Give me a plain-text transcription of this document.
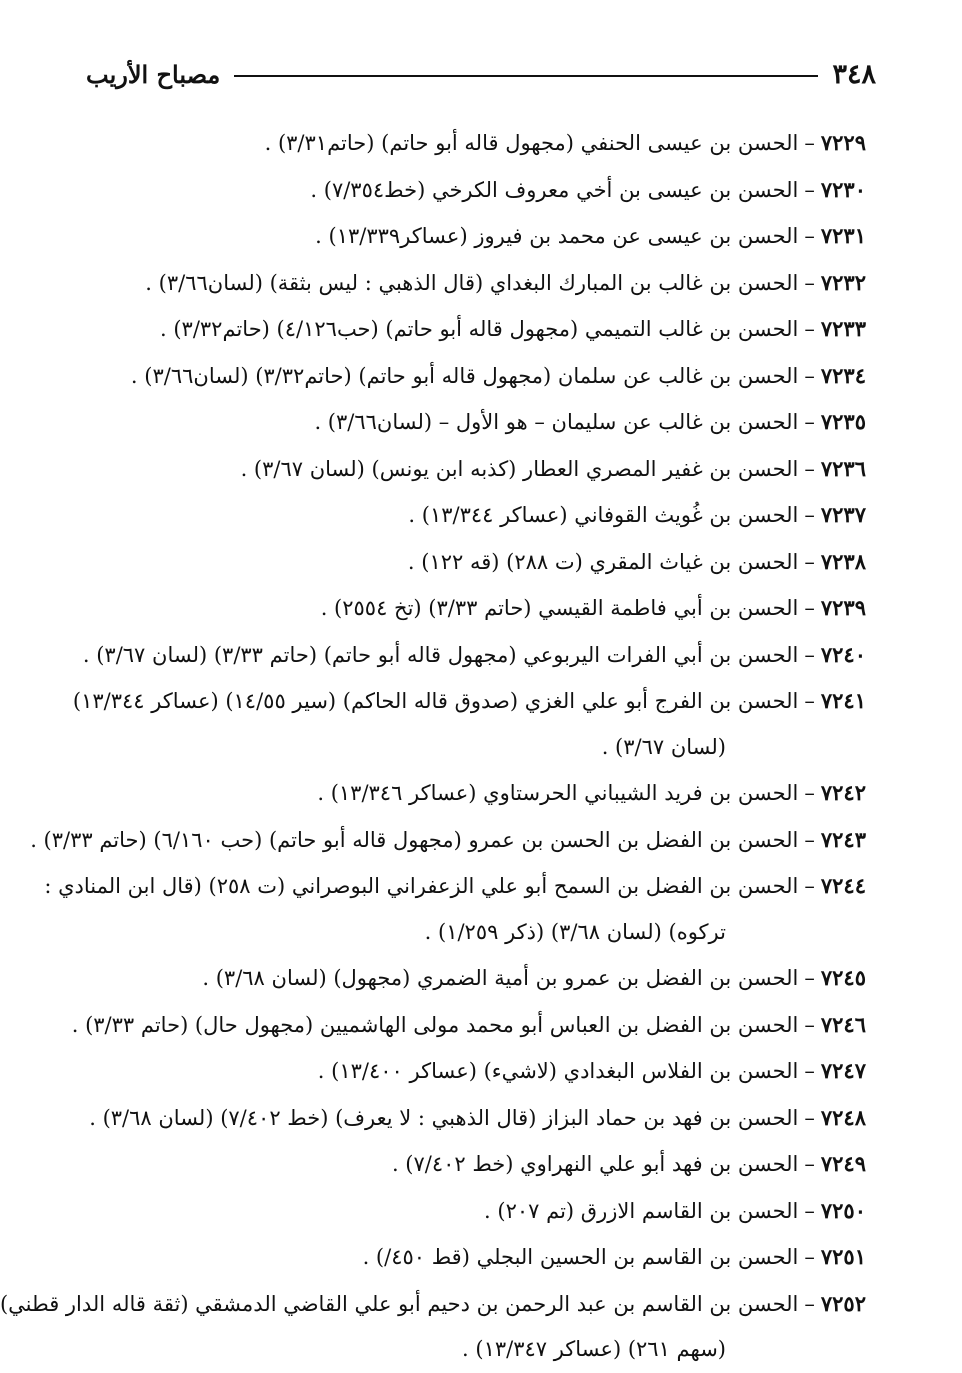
٣٤٨
مصباح الأريب
٧٢٢٩–الحسن بن عيسى الحنفي (مجهول قاله أبو حاتم) (حاتم٣/٣١) .
٧٢٣٠–الحسن بن عيسى بن أخي معروف الكرخي (خط٧/٣٥٤) .
٧٢٣١–الحسن بن عيسى عن محمد بن فيروز (عساكر١٣/٣٣٩) .
٧٢٣٢–الحسن بن غالب بن المبارك البغداي (قال الذهبي : ليس بثقة) (لسان٣/٦٦) .
٧٢٣٣–الحسن بن غالب التميمي (مجهول قاله أبو حاتم) (حب٤/١٢٦) (حاتم٣/٣٢) .
٧٢٣٤–الحسن بن غالب عن سلمان (مجهول قاله أبو حاتم) (حاتم٣/٣٢) (لسان٣/٦٦) .
٧٢٣٥–الحسن بن غالب عن سليمان – هو الأول – (لسان٣/٦٦) .
٧٢٣٦–الحسن بن غفير المصري العطار (كذبه ابن يونس) (لسان ٣/٦٧) .
٧٢٣٧–الحسن بن غُويث القوفاني (عساكر ١٣/٣٤٤) .
٧٢٣٨–الحسن بن غياث المقري (ت ٢٨٨) (قه ١٢٢) .
٧٢٣٩–الحسن بن أبي فاطمة القيسي (حاتم ٣/٣٣) (تخ ٢٥٥٤) .
٧٢٤٠–الحسن بن أبي الفرات اليربوعي (مجهول قاله أبو حاتم) (حاتم ٣/٣٣) (لسان ٣/٦٧) .
٧٢٤١–الحسن بن الفرج أبو علي الغزي (صدوق قاله الحاكم) (سير ١٤/٥٥) (عساكر ١٣/٣٤٤)
(لسان ٣/٦٧) .
٧٢٤٢–الحسن بن فريد الشيباني الحرستاوي (عساكر ١٣/٣٤٦) .
٧٢٤٣–الحسن بن الفضل بن الحسن بن عمرو (مجهول قاله أبو حاتم) (حب ٦/١٦٠) (حاتم ٣/٣٣) .
٧٢٤٤–الحسن بن الفضل بن السمح أبو علي الزعفراني البوصراني (ت ٢٥٨) (قال ابن المنادي :
تركوه) (لسان ٣/٦٨) (ذكر ١/٢٥٩) .
٧٢٤٥–الحسن بن الفضل بن عمرو بن أمية الضمري (مجهول) (لسان ٣/٦٨) .
٧٢٤٦–الحسن بن الفضل بن العباس أبو محمد مولى الهاشميين (مجهول حال) (حاتم ٣/٣٣) .
٧٢٤٧–الحسن بن الفلاس البغدادي (لاشيء) (عساكر ١٣/٤٠٠) .
٧٢٤٨–الحسن بن فهد بن حماد البزاز (قال الذهبي : لا يعرف) (خط ٧/٤٠٢) (لسان ٣/٦٨) .
٧٢٤٩–الحسن بن فهد أبو علي النهراوي (خط ٧/٤٠٢) .
٧٢٥٠–الحسن بن القاسم الازرق (تم ٢٠٧) .
٧٢٥١–الحسن بن القاسم بن الحسين البجلي (قط ٤٥٠/) .
٧٢٥٢–الحسن بن القاسم بن عبد الرحمن بن دحيم أبو علي القاضي الدمشقي (ثقة قاله الدار قطني)
(سهم ٢٦١) (عساكر ١٣/٣٤٧) .
